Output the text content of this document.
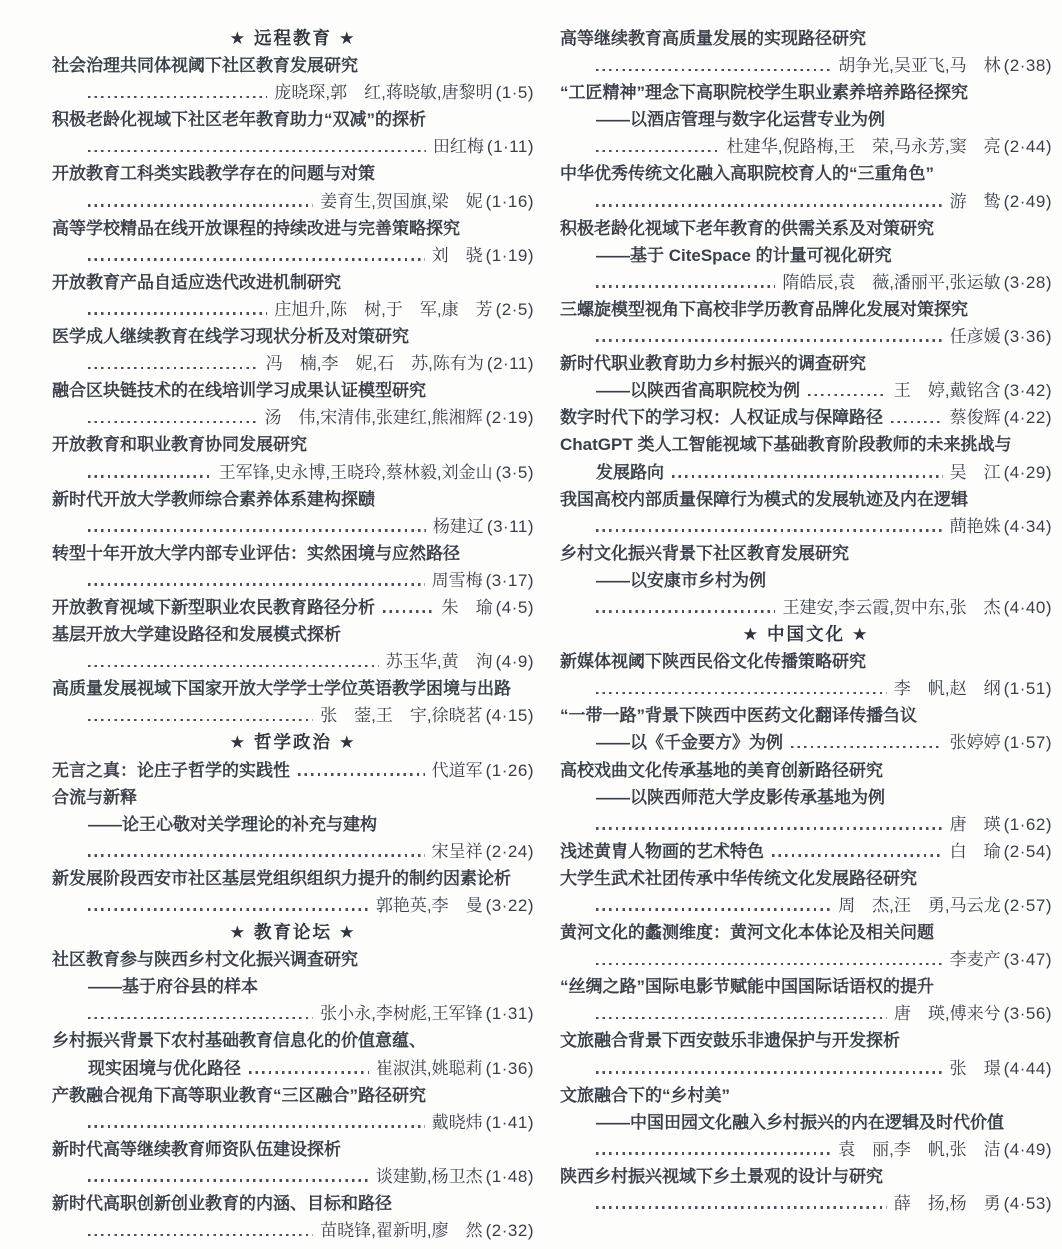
★ 远程教育 ★
社会治理共同体视阈下社区教育发展研究
庞晓琛,郭　红,蒋晓敏,唐黎明 (1·5)
积极老龄化视域下社区老年教育助力“双减”的探析
田红梅 (1·11)
开放教育工科类实践教学存在的问题与对策
姜育生,贺国旗,梁　妮 (1·16)
高等学校精品在线开放课程的持续改进与完善策略探究
刘　骁 (1·19)
开放教育产品自适应迭代改进机制研究
庄旭升,陈　树,于　军,康　芳 (2·5)
医学成人继续教育在线学习现状分析及对策研究
冯　楠,李　妮,石　苏,陈有为 (2·11)
融合区块链技术的在线培训学习成果认证模型研究
汤　伟,宋清伟,张建红,熊湘辉 (2·19)
开放教育和职业教育协同发展研究
王军锋,史永博,王晓玲,蔡林毅,刘金山 (3·5)
新时代开放大学教师综合素养体系建构探赜
杨建辽 (3·11)
转型十年开放大学内部专业评估：实然困境与应然路径
周雪梅 (3·17)
开放教育视域下新型职业农民教育路径分析	朱　瑜 (4·5)
基层开放大学建设路径和发展模式探析
苏玉华,黄　洵 (4·9)
高质量发展视域下国家开放大学学士学位英语教学困境与出路
张　蓥,王　宇,徐晓茗 (4·15)
★ 哲学政治 ★
无言之真：论庄子哲学的实践性	代道军 (1·26)
合流与新释
——论王心敬对关学理论的补充与建构
宋呈祥 (2·24)
新发展阶段西安市社区基层党组织组织力提升的制约因素论析
郭艳英,李　曼 (3·22)
★ 教育论坛 ★
社区教育参与陕西乡村文化振兴调查研究
——基于府谷县的样本
张小永,李树彪,王军锋 (1·31)
乡村振兴背景下农村基础教育信息化的价值意蕴、
现实困境与优化路径	崔淑淇,姚聪莉 (1·36)
产教融合视角下高等职业教育“三区融合”路径研究
戴晓炜 (1·41)
新时代高等继续教育师资队伍建设探析
谈建勤,杨卫杰 (1·48)
新时代高职创新创业教育的内涵、目标和路径
苗晓锋,翟新明,廖　然 (2·32)
高等继续教育高质量发展的实现路径研究
胡争光,吴亚飞,马　林 (2·38)
“工匠精神”理念下高职院校学生职业素养培养路径探究
——以酒店管理与数字化运营专业为例
杜建华,倪路梅,王　荣,马永芳,窦　亮 (2·44)
中华优秀传统文化融入高职院校育人的“三重角色”
游　鸷 (2·49)
积极老龄化视域下老年教育的供需关系及对策研究
——基于 CiteSpace 的计量可视化研究
隋皓辰,袁　薇,潘丽平,张运敏 (3·28)
三螺旋模型视角下高校非学历教育品牌化发展对策探究
任彦媛 (3·36)
新时代职业教育助力乡村振兴的调查研究
——以陕西省高职院校为例	王　婷,戴铭含 (3·42)
数字时代下的学习权：人权证成与保障路径	蔡俊辉 (4·22)
ChatGPT 类人工智能视域下基础教育阶段教师的未来挑战与
发展路向	吴　江 (4·29)
我国高校内部质量保障行为模式的发展轨迹及内在逻辑
蔄艳姝 (4·34)
乡村文化振兴背景下社区教育发展研究
——以安康市乡村为例
王建安,李云霞,贺中东,张　杰 (4·40)
★ 中国文化 ★
新媒体视阈下陕西民俗文化传播策略研究
李　帆,赵　纲 (1·51)
“一带一路”背景下陕西中医药文化翻译传播刍议
——以《千金要方》为例	张婷婷 (1·57)
高校戏曲文化传承基地的美育创新路径研究
——以陕西师范大学皮影传承基地为例
唐　瑛 (1·62)
浅述黄胄人物画的艺术特色	白　瑜 (2·54)
大学生武术社团传承中华传统文化发展路径研究
周　杰,汪　勇,马云龙 (2·57)
黄河文化的蠡测维度：黄河文化本体论及相关问题
李麦产 (3·47)
“丝绸之路”国际电影节赋能中国国际话语权的提升
唐　瑛,傅来兮 (3·56)
文旅融合背景下西安鼓乐非遗保护与开发探析
张　璟 (4·44)
文旅融合下的“乡村美”
——中国田园文化融入乡村振兴的内在逻辑及时代价值
袁　丽,李　帆,张　洁 (4·49)
陕西乡村振兴视域下乡土景观的设计与研究
薛　扬,杨　勇 (4·53)
